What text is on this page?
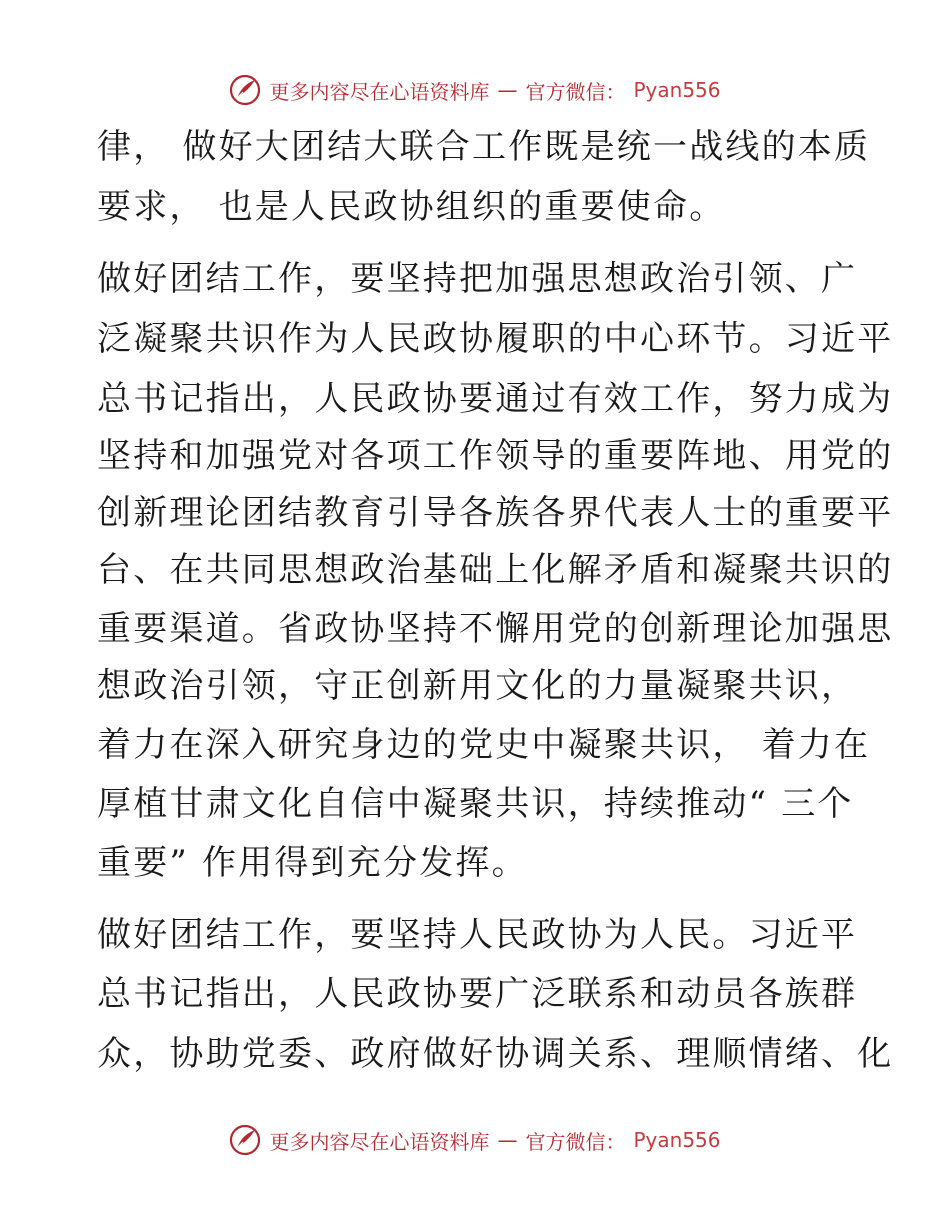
更多内容尽在心语资料库 — 官方微信： Pyan556
律， 做好大团结大联合工作既是统一战线的本质
要求， 也是人民政协组织的重要使命。
做好团结工作，要坚持把加强思想政治引领、广
泛凝聚共识作为人民政协履职的中心环节。习近平
总书记指出，人民政协要通过有效工作，努力成为
坚持和加强党对各项工作领导的重要阵地、用党的
创新理论团结教育引导各族各界代表人士的重要平
台、在共同思想政治基础上化解矛盾和凝聚共识的
重要渠道。省政协坚持不懈用党的创新理论加强思
想政治引领，守正创新用文化的力量凝聚共识，
着力在深入研究身边的党史中凝聚共识， 着力在
厚植甘肃文化自信中凝聚共识，持续推动“ 三个
重要” 作用得到充分发挥。
做好团结工作，要坚持人民政协为人民。习近平
总书记指出，人民政协要广泛联系和动员各族群
众，协助党委、政府做好协调关系、理顺情绪、化
更多内容尽在心语资料库 — 官方微信： Pyan556
